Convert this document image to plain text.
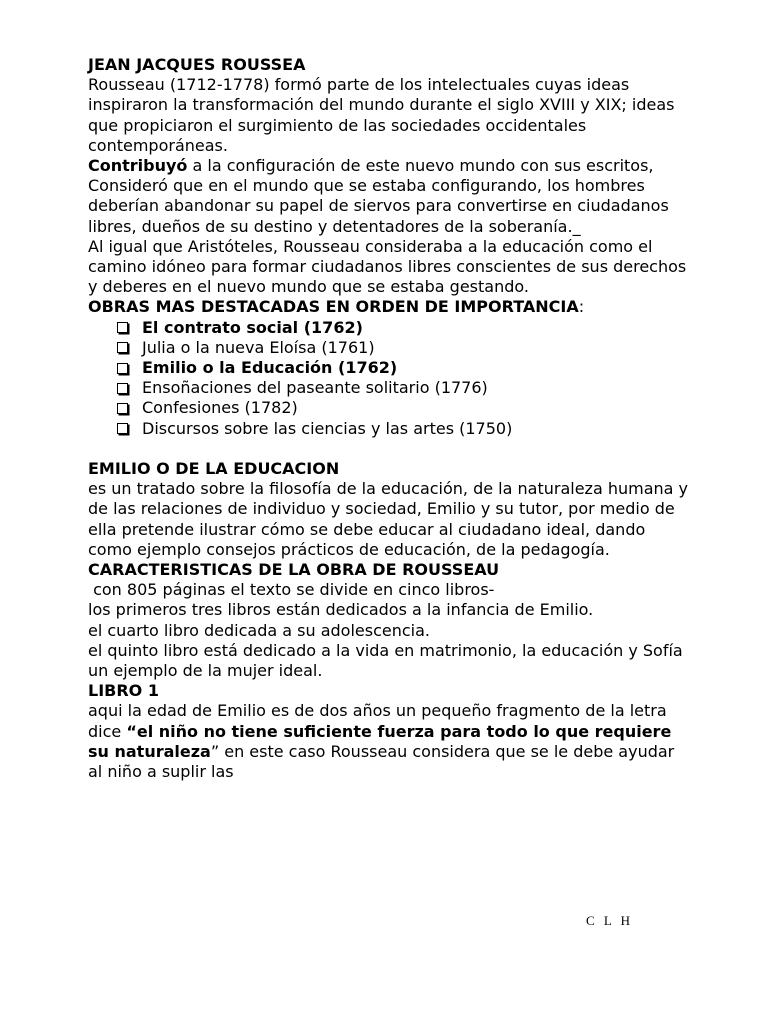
JEAN JACQUES ROUSSEA

Rousseau (1712-1778) formó parte de los intelectuales cuyas ideas inspiraron la transformación del mundo durante el siglo XVIII y XIX; ideas que propiciaron el surgimiento de las sociedades occidentales contemporáneas.

Contribuyó a la configuración de este nuevo mundo con sus escritos,

Consideró que en el mundo que se estaba configurando, los hombres deberían abandonar su papel de siervos para convertirse en ciudadanos libres, dueños de su destino y detentadores de la soberanía._

Al igual que Aristóteles, Rousseau consideraba a la educación como el camino idóneo para formar ciudadanos libres conscientes de sus derechos y deberes en el nuevo mundo que se estaba gestando.

OBRAS MAS DESTACADAS EN ORDEN DE IMPORTANCIA:

El contrato social (1762)
Julia o la nueva Eloísa (1761)
Emilio o la Educación (1762)
Ensoñaciones del paseante solitario (1776)
Confesiones (1782)
Discursos sobre las ciencias y las artes (1750)

EMILIO O DE LA EDUCACION

es un tratado sobre la filosofía de la educación, de la naturaleza humana y de las relaciones de individuo y sociedad, Emilio y su tutor, por medio de ella pretende ilustrar cómo se debe educar al ciudadano ideal, dando como ejemplo consejos prácticos de educación, de la pedagogía.

CARACTERISTICAS DE LA OBRA DE ROUSSEAU

con 805 páginas el texto se divide en cinco libros-

los primeros tres libros están dedicados a la infancia de Emilio.

el cuarto libro dedicada a su adolescencia.

el quinto libro está dedicado a la vida en matrimonio, la educación y Sofía un ejemplo de la mujer ideal.

LIBRO 1

aqui la edad de Emilio es de dos años un pequeño fragmento de la letra dice “el niño no tiene suficiente fuerza para todo lo que requiere su naturaleza” en este caso Rousseau considera que se le debe ayudar al niño a suplir las

C L H
